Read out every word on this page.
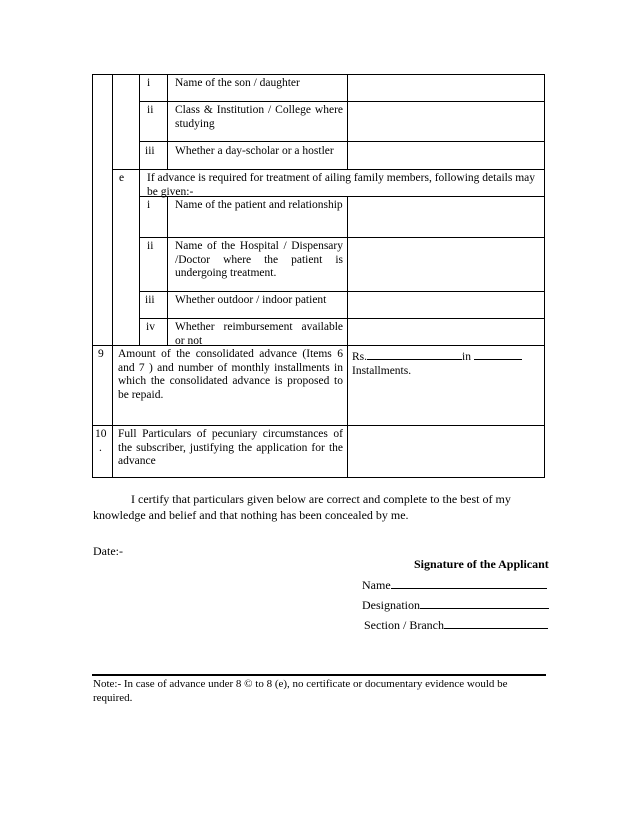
i Name of the son / daughter
ii Class & Institution / College where studying
iii Whether a day-scholar or a hostler
e If advance is required for treatment of ailing family members, following details may be given:-
i Name of the patient and relationship
ii Name of the Hospital / Dispensary /Doctor where the patient is undergoing treatment.
iii Whether outdoor / indoor patient
iv Whether reimbursement available or not
9 Amount of the consolidated advance (Items 6 and 7 ) and number of monthly installments in which the consolidated advance is proposed to be repaid.
Rs.	in
Installments.
10
.
Full Particulars of pecuniary circumstances of the subscriber, justifying the application for the advance
I certify that particulars given below are correct and complete to the best of my knowledge and belief and that nothing has been concealed by me.
Date:-
Signature of the Applicant
Name
Designation
Section / Branch
Note:- In case of advance under 8 © to 8 (e), no certificate or documentary evidence would be required.
